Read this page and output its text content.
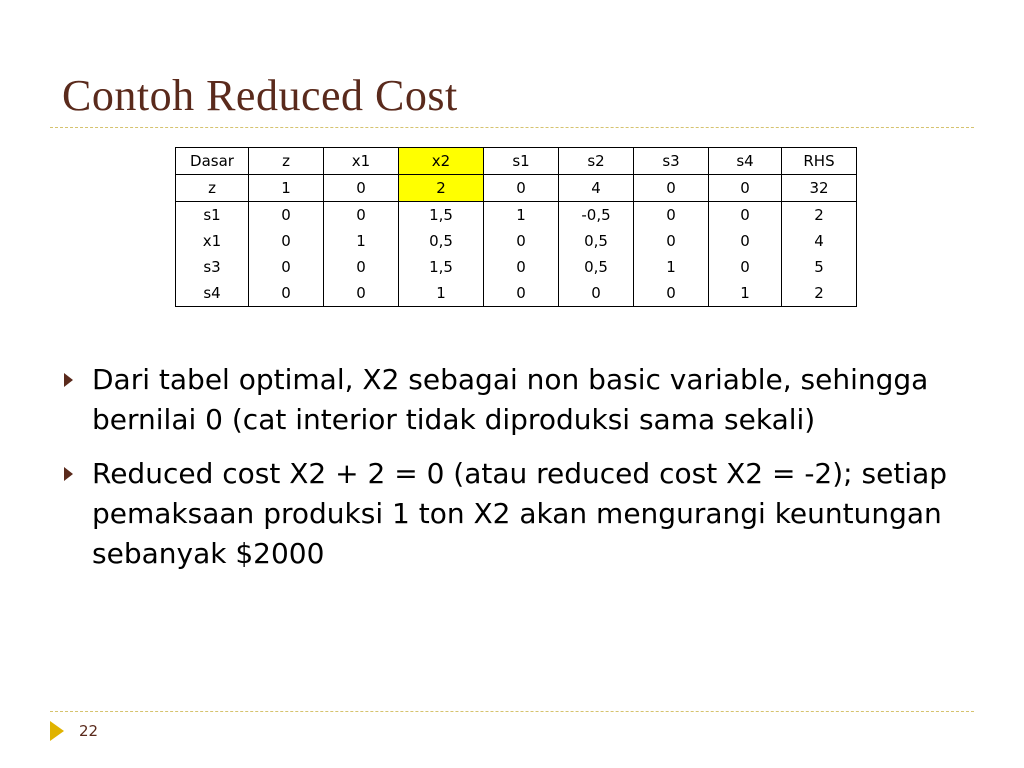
Contoh Reduced Cost
Dasar	z	x1	x2	s1	s2	s3	s4	RHS
z	1	0	2	0	4	0	0	32
s1	0	0	1,5	1	-0,5	0	0	2
x1	0	1	0,5	0	0,5	0	0	4
s3	0	0	1,5	0	0,5	1	0	5
s4	0	0	1	0	0	0	1	2
Dari tabel optimal, X2 sebagai non basic variable, sehingga bernilai 0 (cat interior tidak diproduksi sama sekali)
Reduced cost X2 + 2 = 0 (atau reduced cost X2 = -2); setiap pemaksaan produksi 1 ton X2 akan mengurangi keuntungan sebanyak $2000
22
